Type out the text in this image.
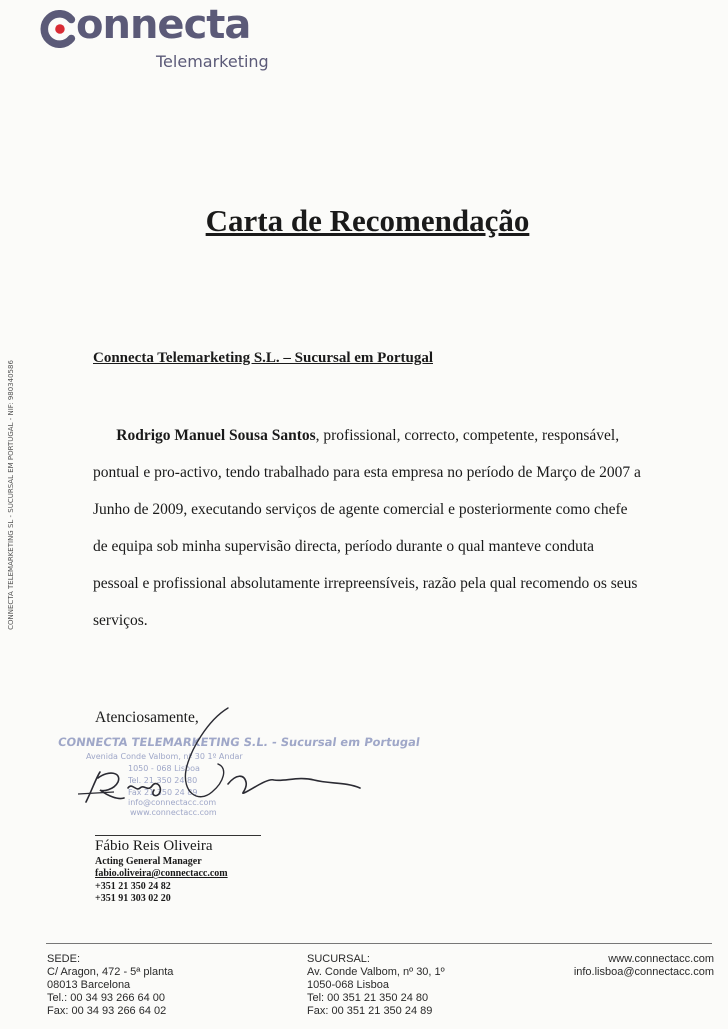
onnecta
Telemarketing
CONNECTA TELEMARKETING SL - SUCURSAL EM PORTUGAL - NIF: 980340586
Carta de Recomendação
Connecta Telemarketing S.L. – Sucursal em Portugal
Rodrigo Manuel Sousa Santos, profissional, correcto, competente, responsável,
pontual e pro-activo, tendo trabalhado para esta empresa no período de Março de 2007 a
Junho de 2009, executando serviços de agente comercial e posteriormente como chefe
de equipa sob minha supervisão directa, período durante o qual manteve conduta
pessoal e profissional absolutamente irrepreensíveis, razão pela qual recomendo os seus
serviços.
Atenciosamente,
CONNECTA TELEMARKETING S.L. - Sucursal em Portugal
Avenida Conde Valbom, nº 30 1º Andar
1050 - 068 Lisboa
Tel. 21 350 24 80
Fax 21 350 24 89
info@connectacc.com
www.connectacc.com
Fábio Reis Oliveira
Acting General Manager
fabio.oliveira@connectacc.com
+351 21 350 24 82
+351 91 303 02 20
SEDE:
C/ Aragon, 472 - 5ª planta
08013 Barcelona
Tel.: 00 34 93 266 64 00
Fax: 00 34 93 266 64 02
SUCURSAL:
Av. Conde Valbom, nº 30, 1º
1050-068 Lisboa
Tel: 00 351 21 350 24 80
Fax: 00 351 21 350 24 89
www.connectacc.com
info.lisboa@connectacc.com
